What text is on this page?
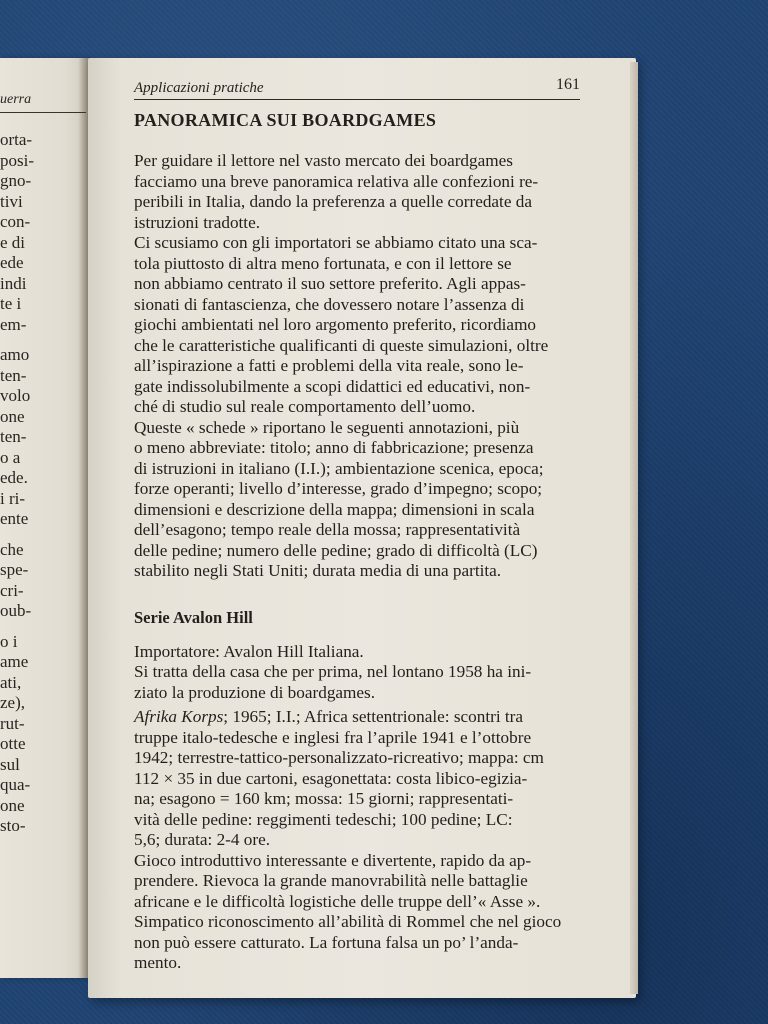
uerra
orta-
posi-
gno-
tivi
con-
e di
ede
indi
te i
em-
amo
ten-
volo
one
ten-
o a
ede.
i ri-
ente
che
spe-
cri-
oub-
o i
ame
ati,
ze),
rut-
otte
sul
qua-
one
sto-
Applicazioni pratiche	161
PANORAMICA SUI BOARDGAMES
Per guidare il lettore nel vasto mercato dei boardgames
facciamo una breve panoramica relativa alle confezioni re-
peribili in Italia, dando la preferenza a quelle corredate da
istruzioni tradotte.
Ci scusiamo con gli importatori se abbiamo citato una sca-
tola piuttosto di altra meno fortunata, e con il lettore se
non abbiamo centrato il suo settore preferito. Agli appas-
sionati di fantascienza, che dovessero notare l’assenza di
giochi ambientati nel loro argomento preferito, ricordiamo
che le caratteristiche qualificanti di queste simulazioni, oltre
all’ispirazione a fatti e problemi della vita reale, sono le-
gate indissolubilmente a scopi didattici ed educativi, non-
ché di studio sul reale comportamento dell’uomo.
Queste « schede » riportano le seguenti annotazioni, più
o meno abbreviate: titolo; anno di fabbricazione; presenza
di istruzioni in italiano (I.I.); ambientazione scenica, epoca;
forze operanti; livello d’interesse, grado d’impegno; scopo;
dimensioni e descrizione della mappa; dimensioni in scala
dell’esagono; tempo reale della mossa; rappresentatività
delle pedine; numero delle pedine; grado di difficoltà (LC)
stabilito negli Stati Uniti; durata media di una partita.
Serie Avalon Hill
Importatore: Avalon Hill Italiana.
Si tratta della casa che per prima, nel lontano 1958 ha ini-
ziato la produzione di boardgames.
Afrika Korps; 1965; I.I.; Africa settentrionale: scontri tra
truppe italo-tedesche e inglesi fra l’aprile 1941 e l’ottobre
1942; terrestre-tattico-personalizzato-ricreativo; mappa: cm
112 × 35 in due cartoni, esagonettata: costa libico-egizia-
na; esagono = 160 km; mossa: 15 giorni; rappresentati-
vità delle pedine: reggimenti tedeschi; 100 pedine; LC:
5,6; durata: 2-4 ore.
Gioco introduttivo interessante e divertente, rapido da ap-
prendere. Rievoca la grande manovrabilità nelle battaglie
africane e le difficoltà logistiche delle truppe dell’« Asse ».
Simpatico riconoscimento all’abilità di Rommel che nel gioco
non può essere catturato. La fortuna falsa un po’ l’anda-
mento.
